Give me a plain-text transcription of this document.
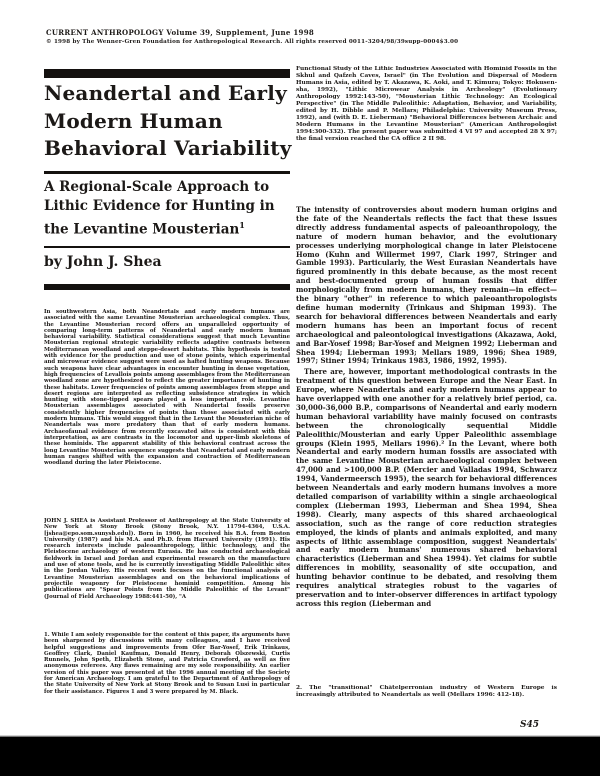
CURRENT ANTHROPOLOGY Volume 39, Supplement, June 1998
© 1998 by The Wenner-Gren Foundation for Anthropological Research. All rights reserved 0011-3204/98/39supp-0004$3.00
Neandertal and Early
Modern Human
Behavioral Variability
A Regional-Scale Approach to
Lithic Evidence for Hunting in
the Levantine Mousterian$^1$
by John J. Shea
In southwestern Asia, both Neandertals and early modern humans are associated with the same Levantine Mousterian archaeological complex. Thus, the Levantine Mousterian record offers an unparalleled opportunity of comparing long-term patterns of Neandertal and early modern human behavioral variability. Statistical considerations suggest that much Levantine Mousterian regional strategic variability reflects adaptive contrasts between Mediterranean woodland and steppe-desert habitats. This hypothesis is tested with evidence for the production and use of stone points, which experimental and microwear evidence suggest were used as hafted hunting weapons. Because such weapons have clear advantages in encounter hunting in dense vegetation, high frequencies of Levallois points among assemblages from the Mediterranean woodland zone are hypothesized to reflect the greater importance of hunting in these habitats. Lower frequencies of points among assemblages from steppe and desert regions are interpreted as reflecting subsistence strategies in which hunting with stone-tipped spears played a less important role. Levantine Mousterian assemblages associated with Neandertal fossils preserve consistently higher frequencies of points than those associated with early modern humans. This would suggest that in the Levant the Mousterian niche of Neandertals was more predatory than that of early modern humans. Archaeofaunal evidence from recently excavated sites is consistent with this interpretation, as are contrasts in the locomotor and upper-limb skeletons of these hominids. The apparent stability of this behavioral contrast across the long Levantine Mousterian sequence suggests that Neandertal and early modern human ranges shifted with the expansion and contraction of Mediterranean woodland during the later Pleistocene.
JOHN J. SHEA is Assistant Professor of Anthropology at the State University of New York at Stony Brook (Stony Brook, N.Y. 11794-4364, U.S.A. [jshea@epo.som.sunysb.edu]). Born in 1960, he received his B.A. from Boston University (1987) and his M.A. and Ph.D. from Harvard University (1991). His research interests include paleoanthropology, lithic technology, and the Pleistocene archaeology of western Eurasia. He has conducted archaeological fieldwork in Israel and Jordan and experimental research on the manufacture and use of stone tools, and he is currently investigating Middle Paleolithic sites in the Jordan Valley. His recent work focuses on the functional analysis of Levantine Mousterian assemblages and on the behavioral implications of projectile weaponry for Pleistocene hominid competition. Among his publications are "Spear Points from the Middle Paleolithic of the Levant" (Journal of Field Archaeology 1988:441-50), "A
1. While I am solely responsible for the content of this paper, its arguments have been sharpened by discussions with many colleagues, and I have received helpful suggestions and improvements from Ofer Bar-Yosef, Erik Trinkaus, Geoffrey Clark, Daniel Kaufman, Donald Henry, Deborah Olszewski, Curtis Runnels, John Speth, Elizabeth Stone, and Patricia Crawford, as well as five anonymous referees. Any flaws remaining are my sole responsibility. An earlier version of this paper was presented at the 1996 annual meeting of the Society for American Archaeology. I am grateful to the Department of Anthropology of the State University of New York at Stony Brook and to Susan Lusi in particular for their assistance. Figures 1 and 3 were prepared by M. Black.
Functional Study of the Lithic Industries Associated with Hominid Fossils in the Skhul and Qafzeh Caves, Israel" (in The Evolution and Dispersal of Modern Humans in Asia, edited by T. Akazawa, K. Aoki, and T. Kimura; Tokyo: Hokusen-sha, 1992), "Lithic Microwear Analysis in Archeology" (Evolutionary Anthropology 1992:143-50), "Mousterian Lithic Technology: An Ecological Perspective" (in The Middle Paleolithic: Adaptation, Behavior, and Variability, edited by H. Dibble and P. Mellars; Philadelphia: University Museum Press, 1992), and (with D. E. Lieberman) "Behavioral Differences between Archaic and Modern Humans in the Levantine Mousterian" (American Anthropologist 1994:300-332). The present paper was submitted 4 VI 97 and accepted 28 X 97; the final version reached the CA office 2 II 98.

The intensity of controversies about modern human origins and the fate of the Neandertals reflects the fact that these issues directly address fundamental aspects of paleoanthropology, the nature of modern human behavior, and the evolutionary processes underlying morphological change in later Pleistocene Homo (Kuhn and Willermet 1997, Clark 1997, Stringer and Gamble 1993). Particularly, the West Eurasian Neandertals have figured prominently in this debate because, as the most recent and best-documented group of human fossils that differ morphologically from modern humans, they remain—in effect—the binary "other" in reference to which paleoanthropologists define human modernity (Trinkaus and Shipman 1993). The search for behavioral differences between Neandertals and early modern humans has been an important focus of recent archaeological and paleontological investigations (Akazawa, Aoki, and Bar-Yosef 1998; Bar-Yosef and Meignen 1992; Lieberman and Shea 1994; Lieberman 1993; Mellars 1989, 1996; Shea 1989, 1997; Stiner 1994; Trinkaus 1983, 1986, 1992, 1995).

There are, however, important methodological contrasts in the treatment of this question between Europe and the Near East. In Europe, where Neandertals and early modern humans appear to have overlapped with one another for a relatively brief period, ca. 30,000-36,000 B.P., comparisons of Neandertal and early modern human behavioral variability have mainly focused on contrasts between the chronologically sequential Middle Paleolithic/Mousterian and early Upper Paleolithic assemblage groups (Klein 1995, Mellars 1996).² In the Levant, where both Neandertal and early modern human fossils are associated with the same Levantine Mousterian archaeological complex between 47,000 and >100,000 B.P. (Mercier and Valladas 1994, Schwarcz 1994, Vandermeersch 1995), the search for behavioral differences between Neandertals and early modern humans involves a more detailed comparison of variability within a single archaeological complex (Lieberman 1993, Lieberman and Shea 1994, Shea 1998). Clearly, many aspects of this shared archaeological association, such as the range of core reduction strategies employed, the kinds of plants and animals exploited, and many aspects of lithic assemblage composition, suggest Neandertals' and early modern humans' numerous shared behavioral characteristics (Lieberman and Shea 1994). Yet claims for subtle differences in mobility, seasonality of site occupation, and hunting behavior continue to be debated, and resolving them requires analytical strategies robust to the vagaries of preservation and to inter-observer differences in artifact typology across this region (Lieberman and

2. The "transitional" Châtelperronian industry of Western Europe is increasingly attributed to Neandertals as well (Mellars 1996: 412-18).
S45
